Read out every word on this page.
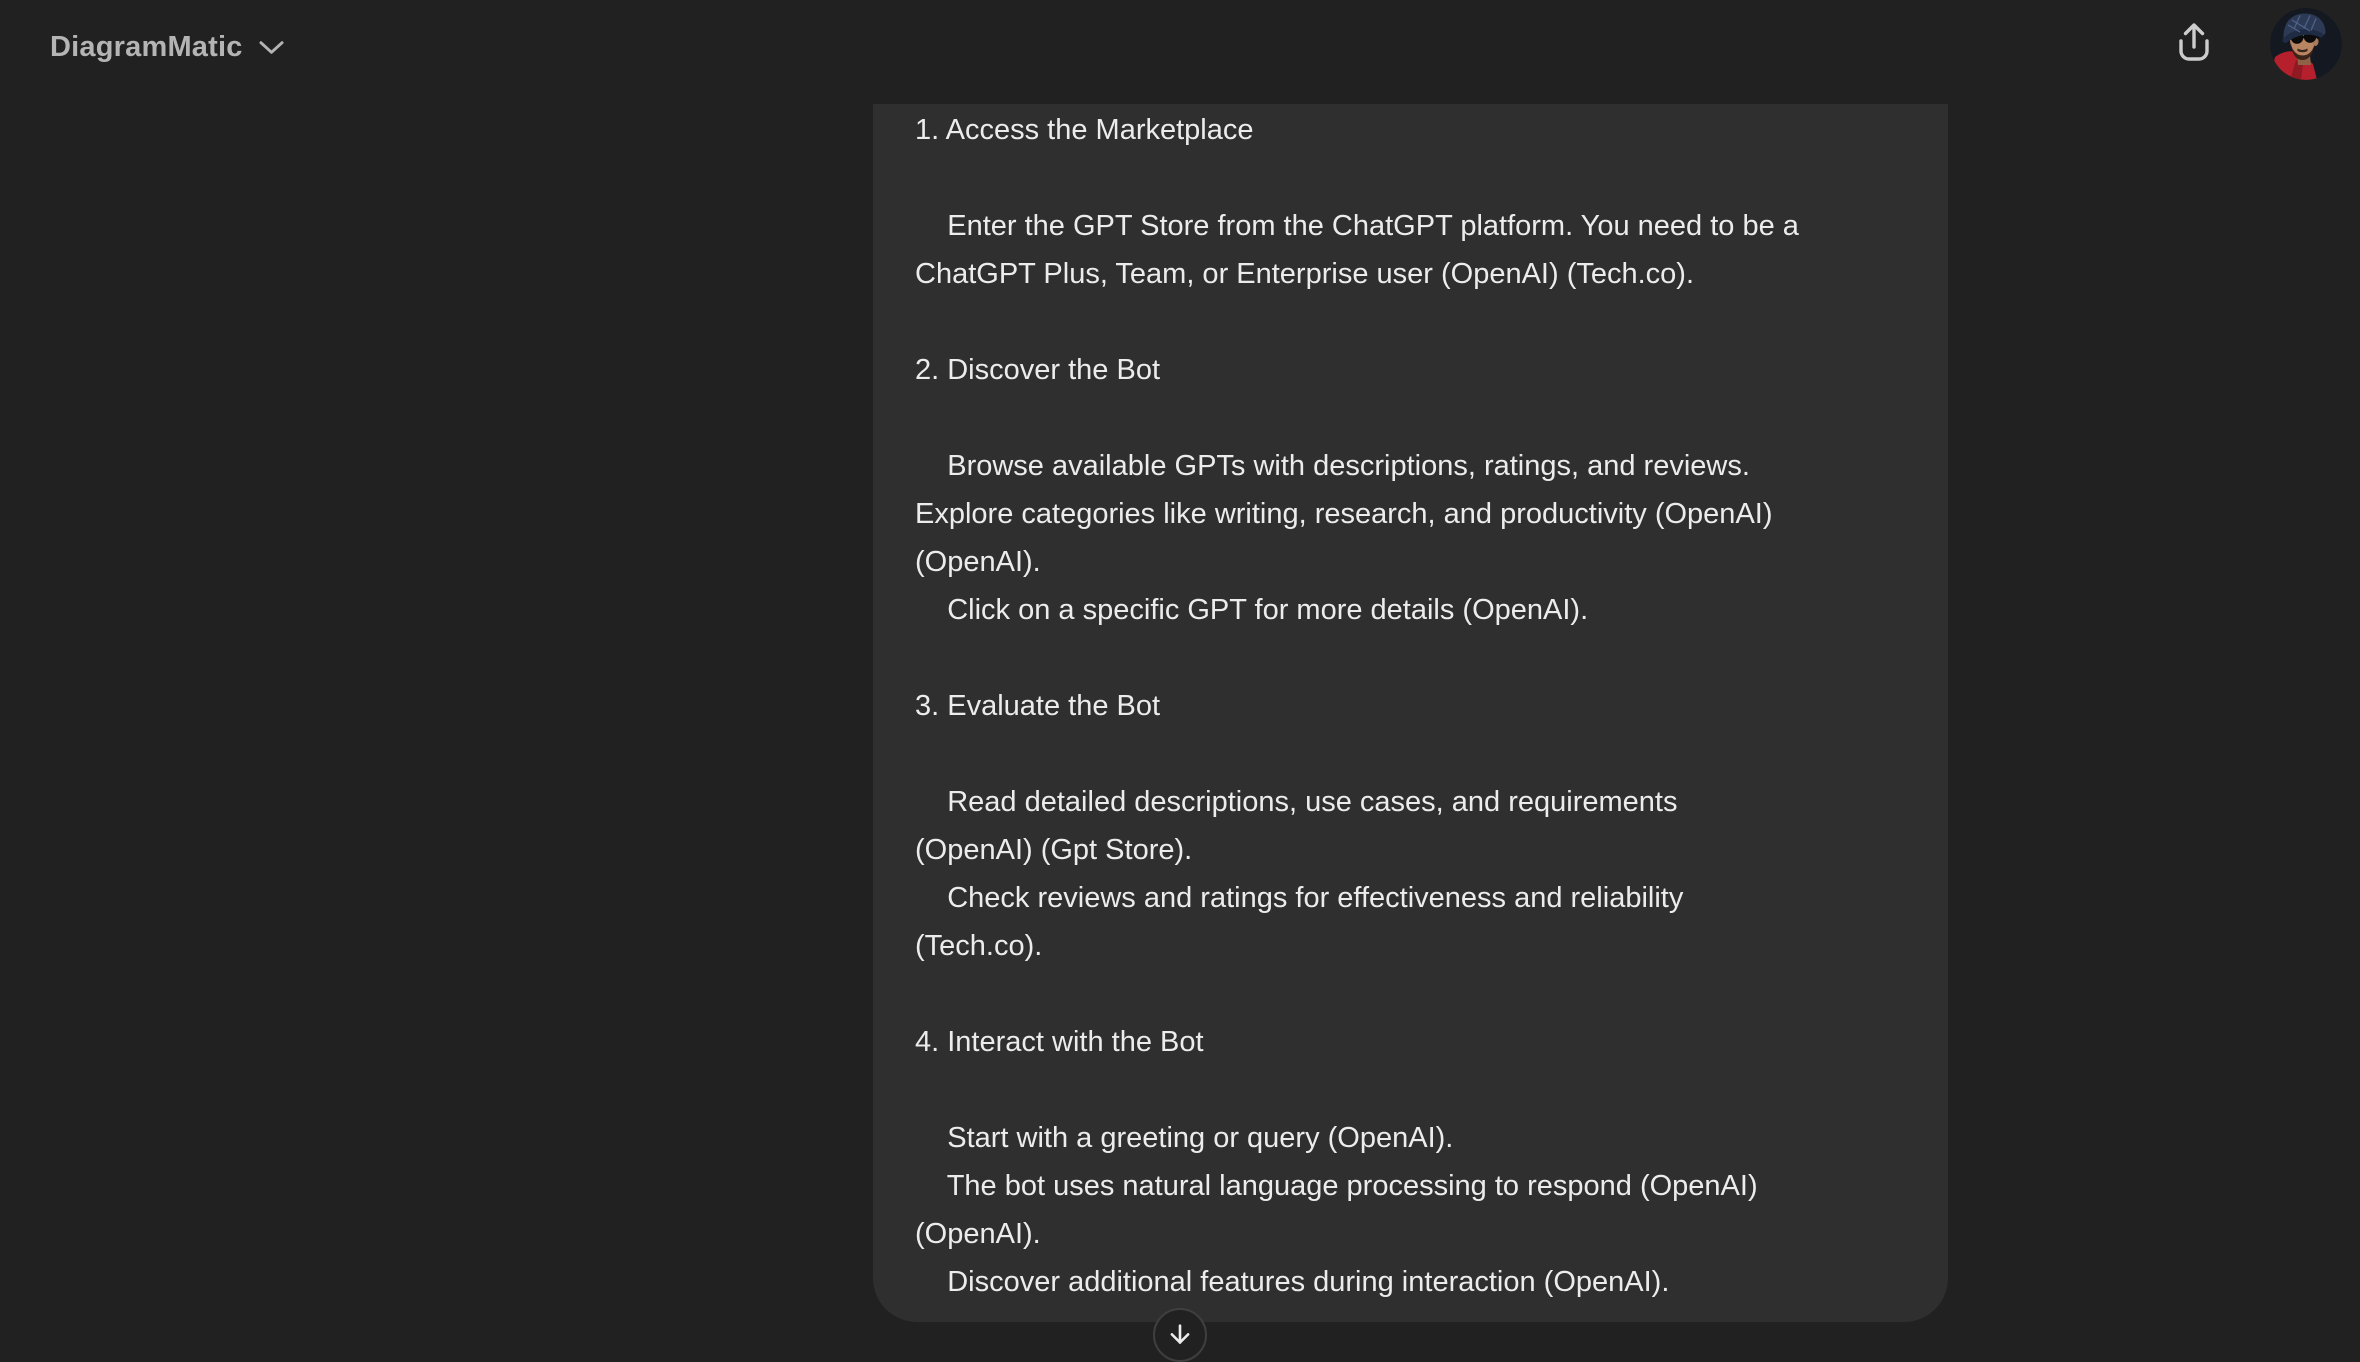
DiagramMatic
1. Access the Marketplace
Enter the GPT Store from the ChatGPT platform. You need to be a
ChatGPT Plus, Team, or Enterprise user (OpenAI) (Tech.co).
2. Discover the Bot
Browse available GPTs with descriptions, ratings, and reviews.
Explore categories like writing, research, and productivity (OpenAI)
(OpenAI).
Click on a specific GPT for more details (OpenAI).
3. Evaluate the Bot
Read detailed descriptions, use cases, and requirements
(OpenAI) (Gpt Store).
Check reviews and ratings for effectiveness and reliability
(Tech.co).
4. Interact with the Bot
Start with a greeting or query (OpenAI).
The bot uses natural language processing to respond (OpenAI)
(OpenAI).
Discover additional features during interaction (OpenAI).
